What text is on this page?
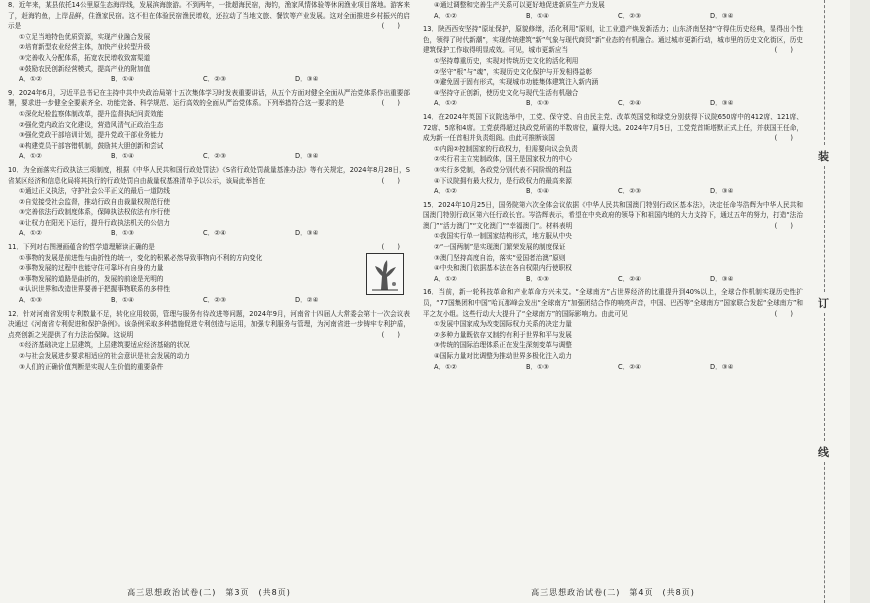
8．近年来，某县依托14公里原生态海岸线，发展滨海旅游。不到两年，一批超海民宿，海钓，渔家风情体验等休闲渔业项目落地。游客来了，赶海钓鱼，上岸品鲜，住渔家民宿。这不但在体验民宿渔民增收，还拉动了当地文旅、餐饮等产业发展。这对全面推进乡村振兴的启示是	(　　)

①立足当地特色优质资源，实现产业融合发展

②培育新型农业经营主体，加快产业转型升级

③完善收入分配体系，拓宽农民增收致富渠道

④鼓励农民创新经营模式，提高产业的附加值

A．①②	B．①④	C．②③	D．③④

9．2024年6月，习近平总书记在主持中共中央政治局第十五次集体学习时发表重要讲话，从五个方面对健全全面从严治党体系作出重要部署，要求进一步健全全要素齐全、功能完备、科学规范、运行高效的全面从严治党体系。下列举措符合这一要求的是	(　　)

①深化纪检监察体制改革，提升监督执纪问责效能

②强化党内政治文化建设，营造风清气正政治生态

③强化党政干部培训计划，提升党政干部业务能力

④构建党员干部容错机制，鼓励其大胆创新和尝试

A．①②	B．①④	C．②③	D．③④

10．为全面落实行政执法三项制度，根据《中华人民共和国行政处罚法》《S省行政处罚裁量基准办法》等有关规定，2024年8月28日，S省某区经济和信息化局将其执行的行政处罚自由裁量权基准清单予以公示，该局此举旨在	(　　)

①通过正义执法，守护社会公平正义的最后一道防线

②自觉接受社会监督，推动行政自由裁量权规范行使

③完善依法行政制度体系，保障执法权依法有序行使

④让权力在阳光下运行，提升行政执法机关的公信力

A．①②	B．①③	C．②④	D．③④

11．下列对右图漫画蕴含的哲学道理解读正确的是	(　　)

①事物的发展是前进性与曲折性的统一，变化的积累必然导致事物向不利的方向变化

②事物发展的过程中也能守住可靠坏有自身的力量

③事物发展的道路是曲折的，发展的前途是光明的

④认识世界和改造世界要善于把握事物联系的多样性

A．①③	B．①④	C．②③	D．②④

12．针对河南省发明专利数量不足，转化应用较弱，管理与服务有待改进等问题，2024年9月，河南省十四届人大常委会第十一次会议表决通过《河南省专利促进和保护条例》。该条例采取多种措施促进专利创造与运用，加强专利服务与管理，为河南省进一步铸牢专利护盾，点亮创新之光提供了有力法治保障。这说明	(　　)

①经济基础决定上层建筑，上层建筑要适应经济基础的状况

②与社会发展进步要求相适应的社会意识是社会发展的动力

③人们的正确价值判断是实现人生价值的重要条件

高三思想政治试卷(二)　第3页　(共8页)

④通过调整和完善生产关系可以更好地促进新质生产力发展

A．①②	B．①④	C．②③	D．③④

13．陕西西安坚持“原址保护，原貌修缮，活化利用”原则，让工业遗产焕发新活力；山东济南坚持“守得住历史经典，显得出个性色，领得了时代新潮”，实现传统建筑“新”气象与现代商贸“新”业态的有机融合。通过城市更新行动，城市里的历史文化街区，历史建筑保护工作取得明显成效。可见，城市更新应当	(　　)

①坚持尊重历史，实现对传统历史文化的活化利用

②坚守“根”与“魂”，实现历史文化保护与开发相得益彰

③避免固于固有形式，实现城市功能集体建筑注入新内涵

④坚持守正创新，使历史文化与现代生活有机融合

A．①②	B．①③	C．②④	D．③④

14．在2024年英国下议院选举中，工党、保守党、自由民主党、改革英国党和绿党分别获得下议院650席中的412席、121席、72席、5席和4席。工党获得超过执政党所需的半数席位，赢得大选。2024年7月5日，工党党首斯塔默正式上任，并获国王任命，成为新一任首相并负责组阁。由此可推断该国	(　　)

①内阁②控制国家的行政权力，但需要向议会负责

②实行君主立宪制政体，国王是国家权力的中心

③实行多党制，各政党分别代表不同阶级的利益

④下议院拥有最大权力，是行政权力的最高来源

A．①②	B．①④	C．②③	D．③④

15．2024年10月25日，国务院第六次全体会议依据《中华人民共和国澳门特别行政区基本法》，决定任命岑浩辉为中华人民共和国澳门特别行政区第六任行政长官。岑浩辉表示，希望在中央政府的领导下和祖国内地的大力支持下，通过五年的努力，打造“法治澳门”“活力澳门”“文化澳门”“幸福澳门”。材料表明	(　　)

①我国实行单一制国家结构形式，地方服从中央

②“一国两制”是实现澳门繁荣发展的制度保证

③澳门坚持高度自治，落实“爱国者治澳”原则

④中央和澳门依据基本法在各自权限内行使职权

A．①②	B．①③	C．②④	D．③④

16．当前，新一轮科技革命和产业革命方兴未艾。“全球南方”占世界经济的比重提升到40%以上，全球合作机制实现历史性扩员，“77国集团和中国”哈瓦那峰会发出“全球南方”加强团结合作的响亮声音，中国、巴西等“全球南方”国家联合发起“全球南方”和平之友小组。这些行动大大提升了“全球南方”的国际影响力。由此可见	(　　)

①发展中国家成为改变国际权力关系的决定力量

②多种力量既依存又制约有利于世界和平与发展

③传统的国际治理体系正在发生深刻变革与调整

④国际力量对比调整为推动世界多极化注入动力

A．①②	B．①③	C．②④	D．③④
高三思想政治试卷(二)　第4页　(共8页)
装
订
线
